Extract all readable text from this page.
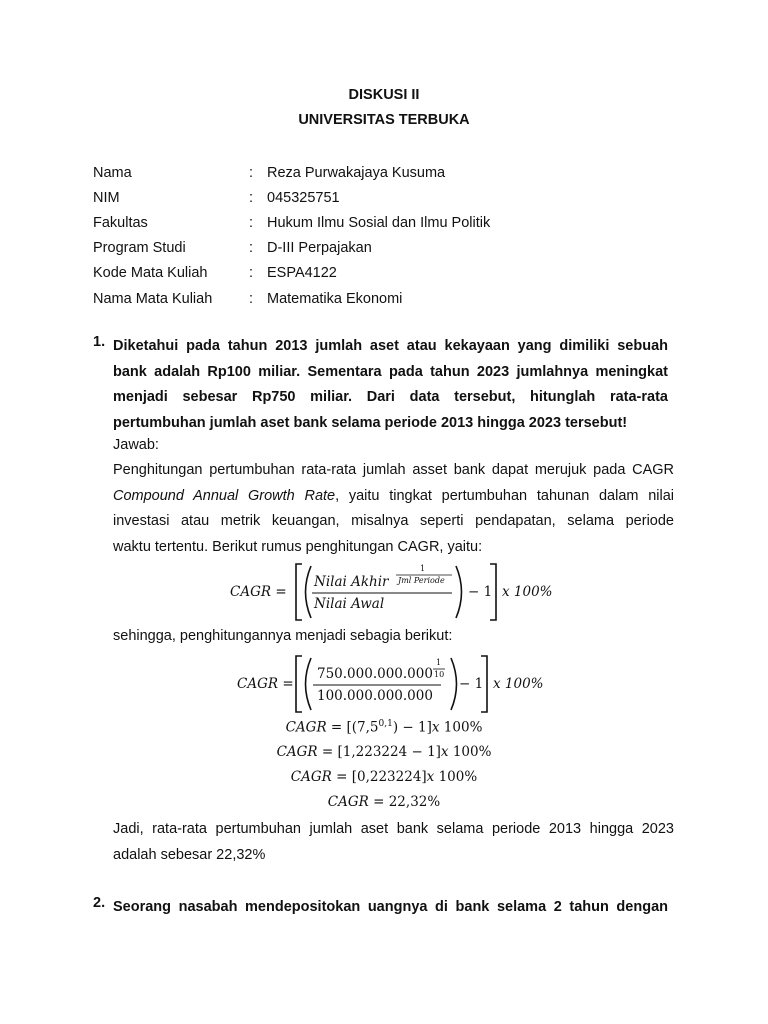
DISKUSI II
UNIVERSITAS TERBUKA
Nama	: Reza Purwakajaya Kusuma
NIM	: 045325751
Fakultas	: Hukum Ilmu Sosial dan Ilmu Politik
Program Studi	: D-III Perpajakan
Kode Mata Kuliah	: ESPA4122
Nama Mata Kuliah	: Matematika Ekonomi
1. Diketahui pada tahun 2013 jumlah aset atau kekayaan yang dimiliki sebuah
bank adalah Rp100 miliar. Sementara pada tahun 2023 jumlahnya meningkat
menjadi sebesar Rp750 miliar. Dari data tersebut, hitunglah rata-rata
pertumbuhan jumlah aset bank selama periode 2013 hingga 2023 tersebut!
Jawab:
Penghitungan pertumbuhan rata-rata jumlah asset bank dapat merujuk pada CAGR
Compound Annual Growth Rate, yaitu tingkat pertumbuhan tahunan dalam nilai
investasi atau metrik keuangan, misalnya seperti pendapatan, selama periode
waktu tertentu. Berikut rumus penghitungan CAGR, yaitu:
CAGR =
Nilai Akhir
1
Jml Periode
Nilai Awal
− 1 x 100%
sehingga, penghitungannya menjadi sebagia berikut:
CAGR =
750.000.000.000
1
10
100.000.000.000
− 1 x 100%
CAGR = $[(7,5^{0,1}) - 1]x$ 100%
CAGR = [1,223224 − 1]x 100%
CAGR = [0,223224]x 100%
CAGR = 22,32%
Jadi, rata-rata pertumbuhan jumlah aset bank selama periode 2013 hingga 2023
adalah sebesar 22,32%
2. Seorang nasabah mendepositokan uangnya di bank selama 2 tahun dengan
